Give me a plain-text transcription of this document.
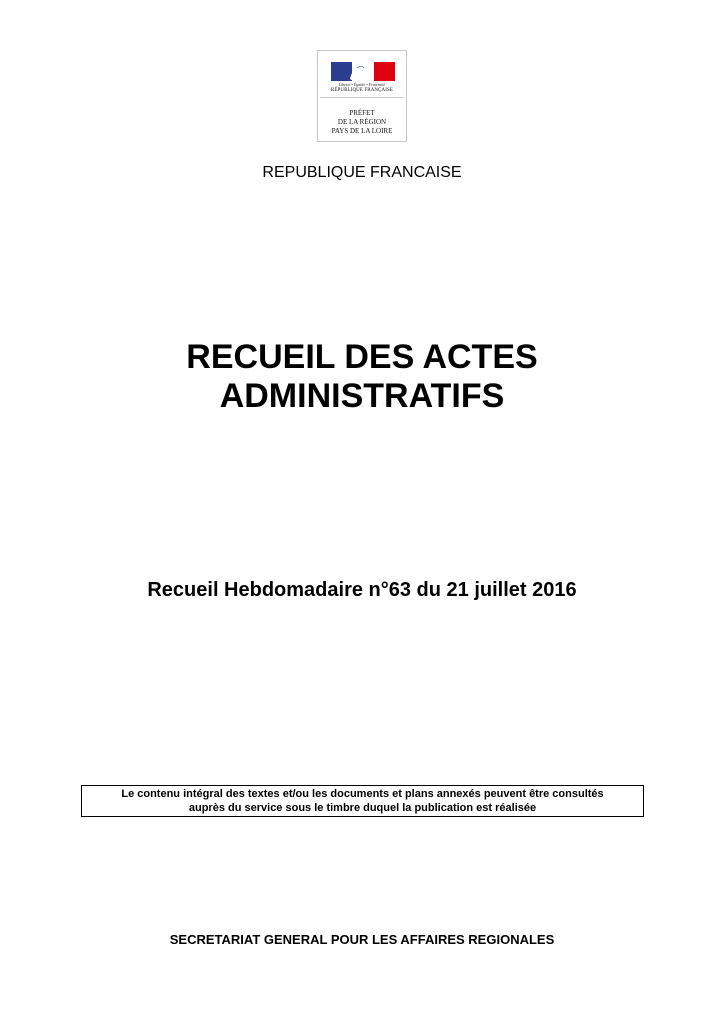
Liberté • Égalité • Fraternité
RÉPUBLIQUE FRANÇAISE
PRÉFET
DE LA RÉGION
PAYS DE LA LOIRE
REPUBLIQUE FRANCAISE
RECUEIL DES ACTES
ADMINISTRATIFS
Recueil Hebdomadaire n°63 du 21 juillet 2016
Le contenu intégral des textes et/ou les documents et plans annexés peuvent être consultés
auprès du service sous le timbre duquel la publication est réalisée
SECRETARIAT GENERAL POUR LES AFFAIRES REGIONALES
